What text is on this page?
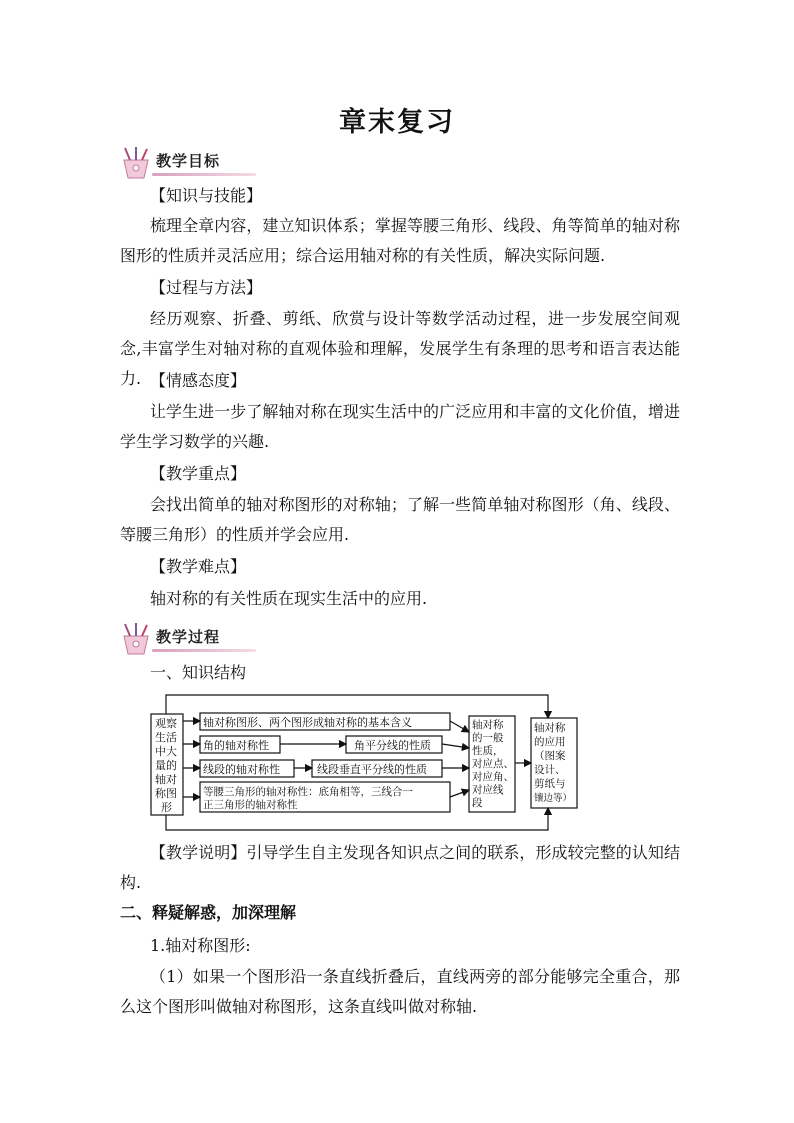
章末复习
教学目标
【知识与技能】
梳理全章内容，建立知识体系；掌握等腰三角形、线段、角等简单的轴对称图形的性质并灵活应用；综合运用轴对称的有关性质，解决实际问题.
【过程与方法】
经历观察、折叠、剪纸、欣赏与设计等数学活动过程，进一步发展空间观念,丰富学生对轴对称的直观体验和理解，发展学生有条理的思考和语言表达能力. 【情感态度】
让学生进一步了解轴对称在现实生活中的广泛应用和丰富的文化价值，增进学生学习数学的兴趣.
【教学重点】
会找出简单的轴对称图形的对称轴；了解一些简单轴对称图形（角、线段、等腰三角形）的性质并学会应用.
【教学难点】
轴对称的有关性质在现实生活中的应用.
教学过程
一、知识结构
观察
生活
中大
量的
轴对
称图
形
轴对称图形、两个图形成轴对称的基本含义
角的轴对称性	角平分线的性质
线段的轴对称性	线段垂直平分线的性质
等腰三角形的轴对称性：底角相等，三线合一
正三角形的轴对称性
轴对称
的一般
性质，
对应点、
对应角、
对应线
段
轴对称
的应用
（图案
设计、
剪纸与
镶边等）
【教学说明】引导学生自主发现各知识点之间的联系，形成较完整的认知结构.
二、释疑解惑，加深理解
1.轴对称图形:
（1）如果一个图形沿一条直线折叠后，直线两旁的部分能够完全重合，那么这个图形叫做轴对称图形，这条直线叫做对称轴.
